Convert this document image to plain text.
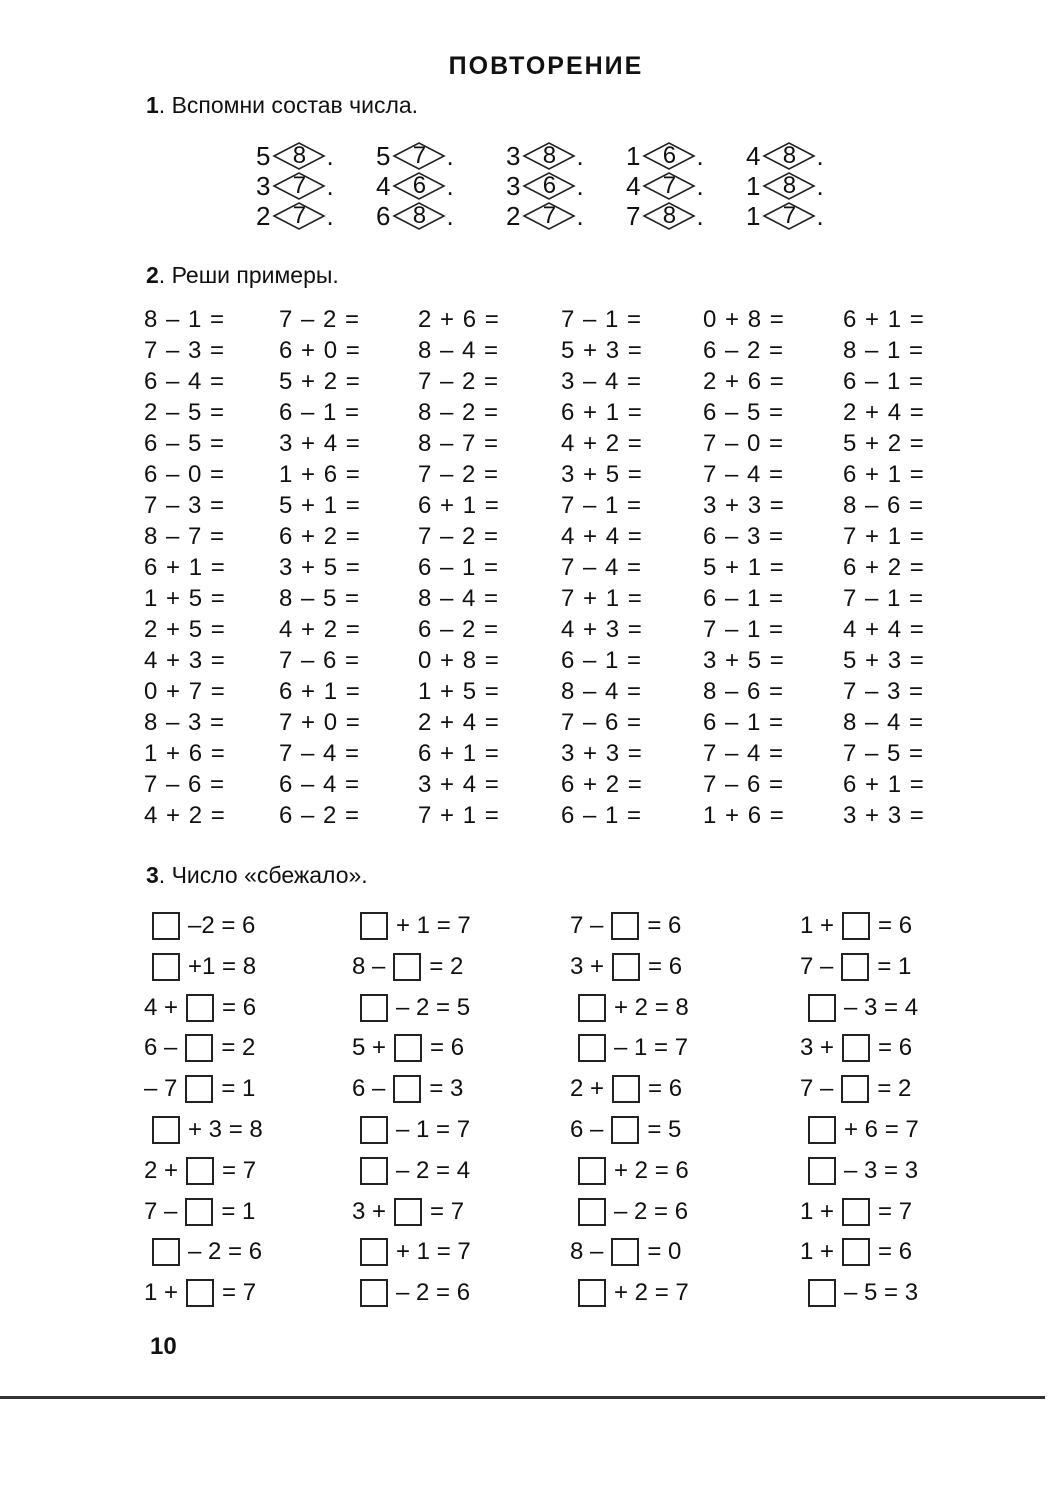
ПОВТОРЕНИЕ
1. Вспомни состав числа.
5 8 . 5 7 . 3 8 . 1 6 . 4 8 .
3 7 . 4 6 . 3 6 . 4 7 . 1 8 .
2 7 . 6 8 . 2 7 . 7 8 . 1 7 .
2. Реши примеры.
8 – 1 =
7 – 3 =
6 – 4 =
2 – 5 =
6 – 5 =
6 – 0 =
7 – 3 =
8 – 7 =
6 + 1 =
1 + 5 =
2 + 5 =
4 + 3 =
0 + 7 =
8 – 3 =
1 + 6 =
7 – 6 =
4 + 2 =
7 – 2 =
6 + 0 =
5 + 2 =
6 – 1 =
3 + 4 =
1 + 6 =
5 + 1 =
6 + 2 =
3 + 5 =
8 – 5 =
4 + 2 =
7 – 6 =
6 + 1 =
7 + 0 =
7 – 4 =
6 – 4 =
6 – 2 =
2 + 6 =
8 – 4 =
7 – 2 =
8 – 2 =
8 – 7 =
7 – 2 =
6 + 1 =
7 – 2 =
6 – 1 =
8 – 4 =
6 – 2 =
0 + 8 =
1 + 5 =
2 + 4 =
6 + 1 =
3 + 4 =
7 + 1 =
7 – 1 =
5 + 3 =
3 – 4 =
6 + 1 =
4 + 2 =
3 + 5 =
7 – 1 =
4 + 4 =
7 – 4 =
7 + 1 =
4 + 3 =
6 – 1 =
8 – 4 =
7 – 6 =
3 + 3 =
6 + 2 =
6 – 1 =
0 + 8 =
6 – 2 =
2 + 6 =
6 – 5 =
7 – 0 =
7 – 4 =
3 + 3 =
6 – 3 =
5 + 1 =
6 – 1 =
7 – 1 =
3 + 5 =
8 – 6 =
6 – 1 =
7 – 4 =
7 – 6 =
1 + 6 =
6 + 1 =
8 – 1 =
6 – 1 =
2 + 4 =
5 + 2 =
6 + 1 =
8 – 6 =
7 + 1 =
6 + 2 =
7 – 1 =
4 + 4 =
5 + 3 =
7 – 3 =
8 – 4 =
7 – 5 =
6 + 1 =
3 + 3 =
3. Число «сбежало».
–2 = 6
+1 = 8
4 + = 6
6 – = 2
– 7 = 1
+ 3 = 8
2 + = 7
7 – = 1
– 2 = 6
1 + = 7
+ 1 = 7
8 – = 2
– 2 = 5
5 + = 6
6 – = 3
– 1 = 7
– 2 = 4
3 + = 7
+ 1 = 7
– 2 = 6
7 – = 6
3 + = 6
+ 2 = 8
– 1 = 7
2 + = 6
6 – = 5
+ 2 = 6
– 2 = 6
8 – = 0
+ 2 = 7
1 + = 6
7 – = 1
– 3 = 4
3 + = 6
7 – = 2
+ 6 = 7
– 3 = 3
1 + = 7
1 + = 6
– 5 = 3
10
